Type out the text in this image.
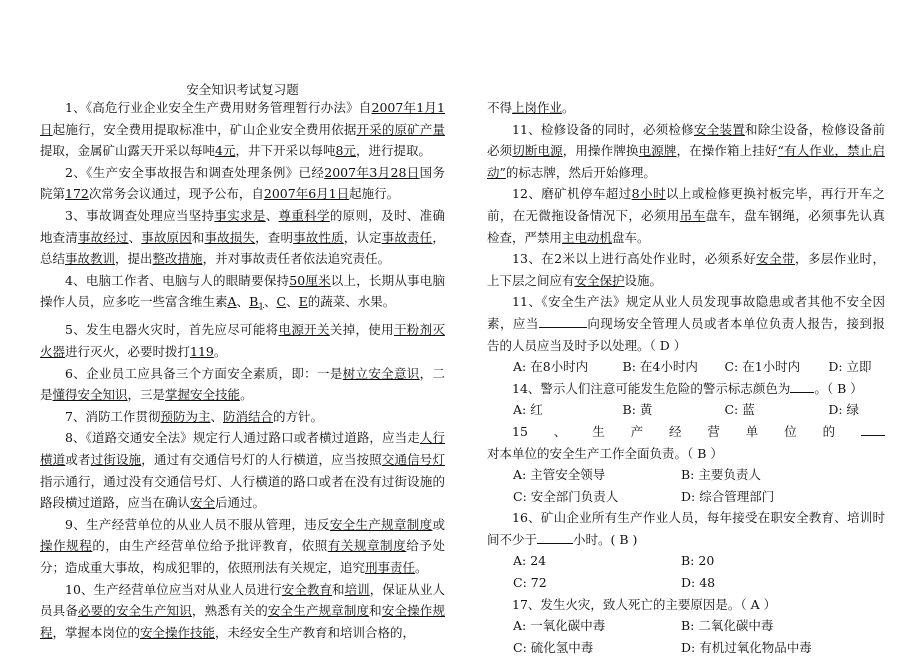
安全知识考试复习题

1、《高危行业企业安全生产费用财务管理暂行办法》自2007年1月1日起施行，安全费用提取标准中，矿山企业安全费用依据开采的原矿产量提取，金属矿山露天开采以每吨4元，井下开采以每吨8元，进行提取。

2、《生产安全事故报告和调查处理条例》已经2007年3月28日国务院第172次常务会议通过，现予公布，自2007年6月1日起施行。

3、事故调查处理应当坚持事实求是、尊重科学的原则，及时、准确地查清事故经过、事故原因和事故损失，查明事故性质，认定事故责任，总结事故教训，提出整改措施，并对事故责任者依法追究责任。

4、电脑工作者、电脑与人的眼睛要保持50厘米以上，长期从事电脑操作人员，应多吃一些富含维生素A、$B_1$、C、E的蔬菜、水果。

5、发生电器火灾时，首先应尽可能将电源开关关掉，使用干粉剂灭火器进行灭火，必要时拨打119。

6、企业员工应具备三个方面安全素质，即：一是树立安全意识，二是懂得安全知识，三是掌握安全技能。

7、消防工作贯彻预防为主、防消结合的方针。

8、《道路交通安全法》规定行人通过路口或者横过道路，应当走人行横道或者过街设施，通过有交通信号灯的人行横道，应当按照交通信号灯指示通行，通过没有交通信号灯、人行横道的路口或者在没有过街设施的路段横过道路，应当在确认安全后通过。

9、生产经营单位的从业人员不服从管理，违反安全生产规章制度或操作规程的，由生产经营单位给予批评教育，依照有关规章制度给予处分；造成重大事故，构成犯罪的，依照刑法有关规定，追究刑事责任。

10、生产经营单位应当对从业人员进行安全教育和培训，保证从业人员具备必要的安全生产知识，熟悉有关的安全生产规章制度和安全操作规程，掌握本岗位的安全操作技能，未经安全生产教育和培训合格的，

不得上岗作业。

11、检修设备的同时，必须检修安全装置和除尘设备，检修设备前必须切断电源，用操作牌换电源牌，在操作箱上挂好“有人作业，禁止启动”的标志牌，然后开始修理。

12、磨矿机停车超过8小时以上或检修更换衬板完毕，再行开车之前，在无微拖设备情况下，必须用吊车盘车，盘车钢绳，必须事先认真检查，严禁用主电动机盘车。

13、在2米以上进行高处作业时，必须系好安全带，多层作业时，上下层之间应有安全保护设施。

11、《安全生产法》规定从业人员发现事故隐患或者其他不安全因素，应当	向现场安全管理人员或者本单位负责人报告，接到报告的人员应当及时予以处理。（ D ）

A: 在8小时内	B: 在4小时内	C: 在1小时内	D: 立即

14、警示人们注意可能发生危险的警示标志颜色为 。（ B ）

A: 红	B: 黄	C: 蓝	D: 绿

15、生产经营单位的对本单位的安全生产工作全面负责。（ B ）

A: 主管安全领导	B: 主要负责人
C: 安全部门负责人	D: 综合管理部门

16、矿山企业所有生产作业人员，每年接受在职安全教育、培训时间不少于	小时。( B )

A: 24	B: 20
C: 72	D: 48

17、发生火灾，致人死亡的主要原因是。（ A ）

A: 一氧化碳中毒	B: 二氧化碳中毒
C: 硫化氢中毒	D: 有机过氧化物品中毒
